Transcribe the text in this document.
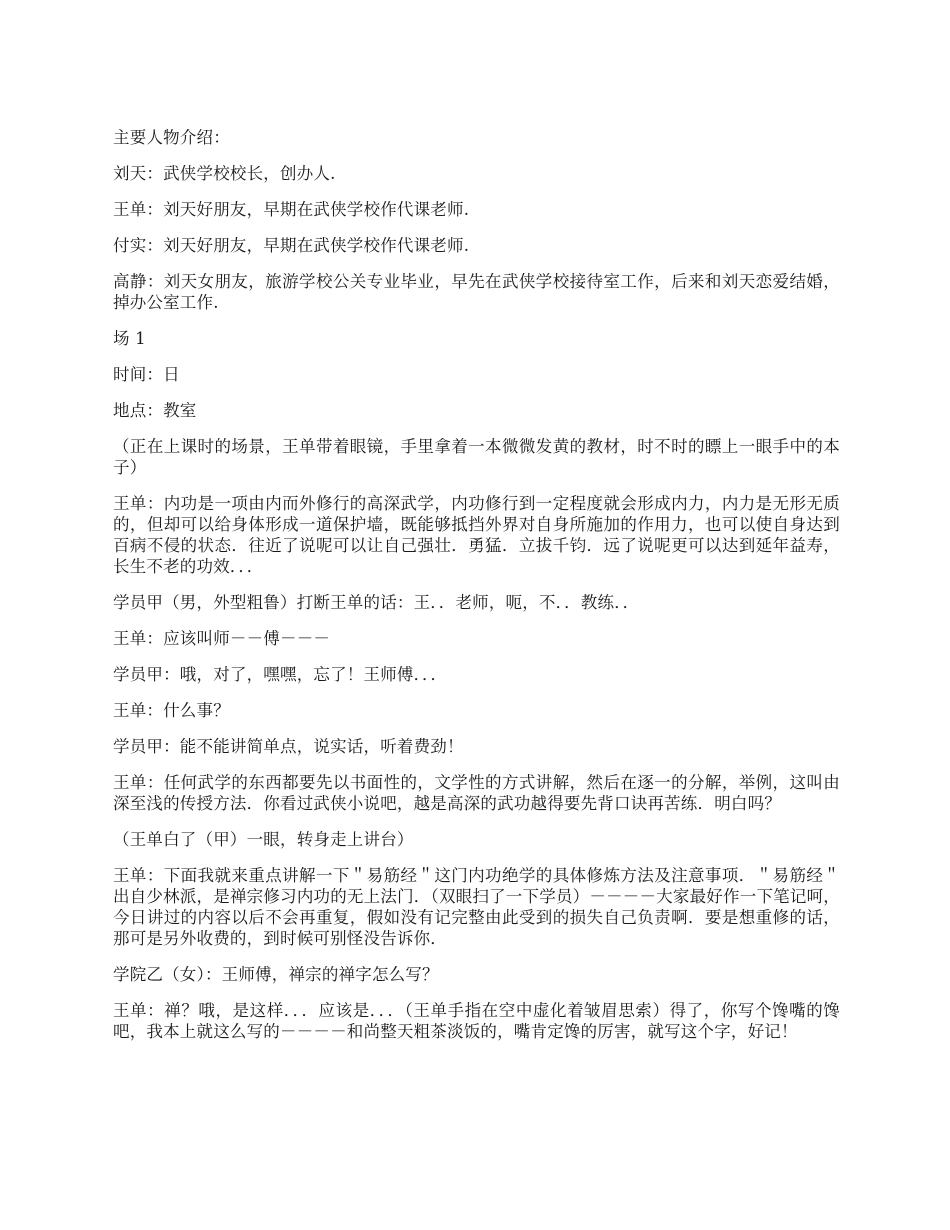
主要人物介绍：

刘天：武侠学校校长，创办人.

王单：刘天好朋友，早期在武侠学校作代课老师.

付实：刘天好朋友，早期在武侠学校作代课老师.

高静：刘天女朋友，旅游学校公关专业毕业，早先在武侠学校接待室工作，后来和刘天恋爱结婚，掉办公室工作.

场 1

时间：日

地点：教室

（正在上课时的场景，王单带着眼镜，手里拿着一本微微发黄的教材，时不时的瞟上一眼手中的本子）

王单：内功是一项由内而外修行的高深武学，内功修行到一定程度就会形成内力，内力是无形无质的，但却可以给身体形成一道保护墙，既能够抵挡外界对自身所施加的作用力，也可以使自身达到百病不侵的状态．往近了说呢可以让自己强壮．勇猛．立拔千钧．远了说呢更可以达到延年益寿，长生不老的功效．．．

学员甲（男，外型粗鲁）打断王单的话：王．．老师，呃，不．．教练．．

王单：应该叫师－－傅－－－

学员甲：哦，对了，嘿嘿，忘了！王师傅．．．

王单：什么事？

学员甲：能不能讲简单点，说实话，听着费劲！

王单：任何武学的东西都要先以书面性的，文学性的方式讲解，然后在逐一的分解，举例，这叫由深至浅的传授方法．你看过武侠小说吧，越是高深的武功越得要先背口诀再苦练．明白吗？

（王单白了（甲）一眼，转身走上讲台）

王单：下面我就来重点讲解一下＂易筋经＂这门内功绝学的具体修炼方法及注意事项．＂易筋经＂出自少林派，是禅宗修习内功的无上法门．（双眼扫了一下学员）－－－－大家最好作一下笔记呵，今日讲过的内容以后不会再重复，假如没有记完整由此受到的损失自己负责啊．要是想重修的话，那可是另外收费的，到时候可别怪没告诉你．

学院乙（女）：王师傅，禅宗的禅字怎么写？

王单：禅？哦，是这样．．．应该是．．．（王单手指在空中虚化着皱眉思索）得了，你写个馋嘴的馋吧，我本上就这么写的－－－－和尚整天粗茶淡饭的，嘴肯定馋的厉害，就写这个字，好记！
